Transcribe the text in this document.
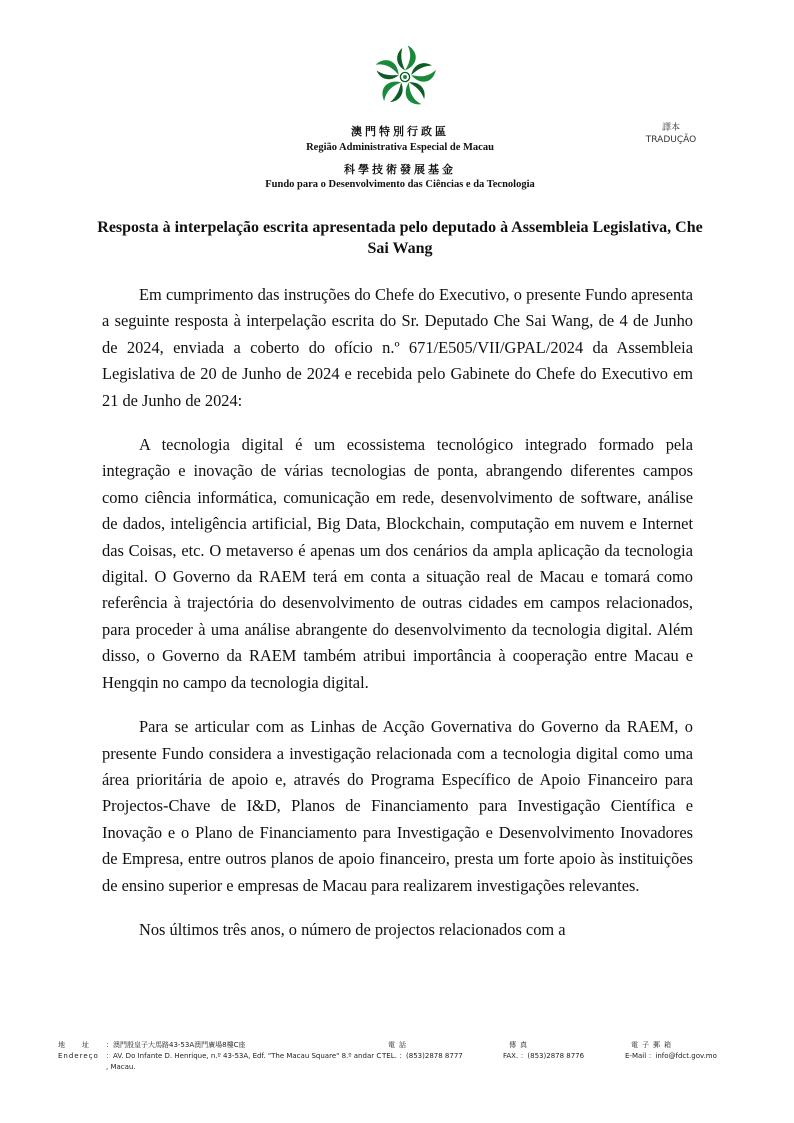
澳門特別行政區
Região Administrativa Especial de Macau
科學技術發展基金
Fundo para o Desenvolvimento das Ciências e da Tecnologia
譯本
TRADUÇÃO
Resposta à interpelação escrita apresentada pelo deputado à Assembleia Legislativa, Che Sai Wang

Em cumprimento das instruções do Chefe do Executivo, o presente Fundo apresenta a seguinte resposta à interpelação escrita do Sr. Deputado Che Sai Wang, de 4 de Junho de 2024, enviada a coberto do ofício n.º 671/E505/VII/GPAL/2024 da Assembleia Legislativa de 20 de Junho de 2024 e recebida pelo Gabinete do Chefe do Executivo em 21 de Junho de 2024:

A tecnologia digital é um ecossistema tecnológico integrado formado pela integração e inovação de várias tecnologias de ponta, abrangendo diferentes campos como ciência informática, comunicação em rede, desenvolvimento de software, análise de dados, inteligência artificial, Big Data, Blockchain, computação em nuvem e Internet das Coisas, etc. O metaverso é apenas um dos cenários da ampla aplicação da tecnologia digital. O Governo da RAEM terá em conta a situação real de Macau e tomará como referência à trajectória do desenvolvimento de outras cidades em campos relacionados, para proceder à uma análise abrangente do desenvolvimento da tecnologia digital. Além disso, o Governo da RAEM também atribui importância à cooperação entre Macau e Hengqin no campo da tecnologia digital.

Para se articular com as Linhas de Acção Governativa do Governo da RAEM, o presente Fundo considera a investigação relacionada com a tecnologia digital como uma área prioritária de apoio e, através do Programa Específico de Apoio Financeiro para Projectos-Chave de I&D, Planos de Financiamento para Investigação Científica e Inovação e o Plano de Financiamento para Investigação e Desenvolvimento Inovadores de Empresa, entre outros planos de apoio financeiro, presta um forte apoio às instituições de ensino superior e empresas de Macau para realizarem investigações relevantes.

Nos últimos três anos, o número de projectos relacionados com a

地　　址	：澳門殷皇子大馬路43-53A澳門廣場8樓C座
Endereço	：AV. Do Infante D. Henrique, n.º 43-53A, Edf. "The Macau Square" 8.º andar C
, Macau.
電話
TEL. ：(853)2878 8777
傳真
FAX. ：(853)2878 8776
電子郵箱
E-Mail ：info@fdct.gov.mo
